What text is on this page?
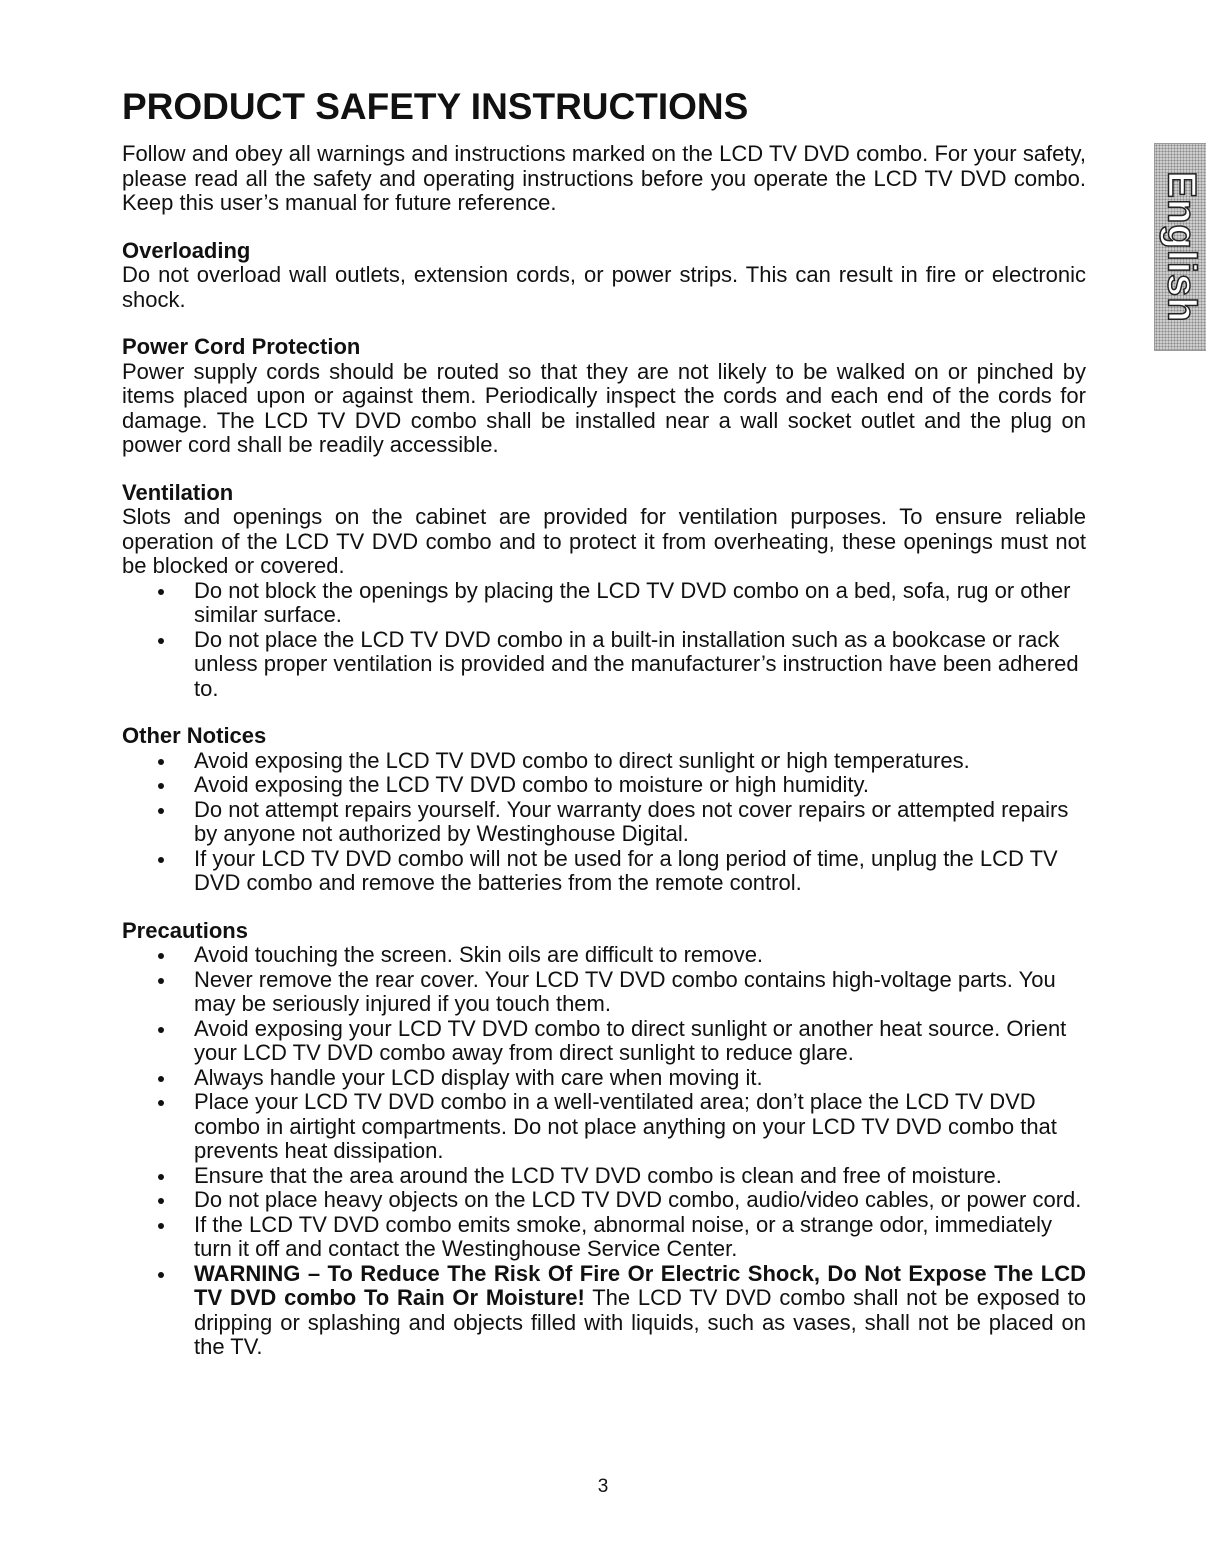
English
PRODUCT SAFETY INSTRUCTIONS

Follow and obey all warnings and instructions marked on the LCD TV DVD combo. For your safety, please read all the safety and operating instructions before you operate the LCD TV DVD combo. Keep this user’s manual for future reference.

Overloading

Do not overload wall outlets, extension cords, or power strips. This can result in fire or electronic shock.

Power Cord Protection

Power supply cords should be routed so that they are not likely to be walked on or pinched by items placed upon or against them. Periodically inspect the cords and each end of the cords for damage. The LCD TV DVD combo shall be installed near a wall socket outlet and the plug on power cord shall be readily accessible.

Ventilation

Slots and openings on the cabinet are provided for ventilation purposes. To ensure reliable operation of the LCD TV DVD combo and to protect it from overheating, these openings must not be blocked or covered.

Do not block the openings by placing the LCD TV DVD combo on a bed, sofa, rug or other similar surface.
Do not place the LCD TV DVD combo in a built-in installation such as a bookcase or rack unless proper ventilation is provided and the manufacturer’s instruction have been adhered to.

Other Notices

Avoid exposing the LCD TV DVD combo to direct sunlight or high temperatures.
Avoid exposing the LCD TV DVD combo to moisture or high humidity.
Do not attempt repairs yourself. Your warranty does not cover repairs or attempted repairs by anyone not authorized by Westinghouse Digital.
If your LCD TV DVD combo will not be used for a long period of time, unplug the LCD TV DVD combo and remove the batteries from the remote control.

Precautions

Avoid touching the screen. Skin oils are difficult to remove.
Never remove the rear cover. Your LCD TV DVD combo contains high-voltage parts. You may be seriously injured if you touch them.
Avoid exposing your LCD TV DVD combo to direct sunlight or another heat source. Orient your LCD TV DVD combo away from direct sunlight to reduce glare.
Always handle your LCD display with care when moving it.
Place your LCD TV DVD combo in a well-ventilated area; don’t place the LCD TV DVD combo in airtight compartments. Do not place anything on your LCD TV DVD combo that prevents heat dissipation.
Ensure that the area around the LCD TV DVD combo is clean and free of moisture.
Do not place heavy objects on the LCD TV DVD combo, audio/video cables, or power cord.
If the LCD TV DVD combo emits smoke, abnormal noise, or a strange odor, immediately turn it off and contact the Westinghouse Service Center.
WARNING – To Reduce The Risk Of Fire Or Electric Shock, Do Not Expose The LCD TV DVD combo To Rain Or Moisture! The LCD TV DVD combo shall not be exposed to dripping or splashing and objects filled with liquids, such as vases, shall not be placed on the TV.
3
